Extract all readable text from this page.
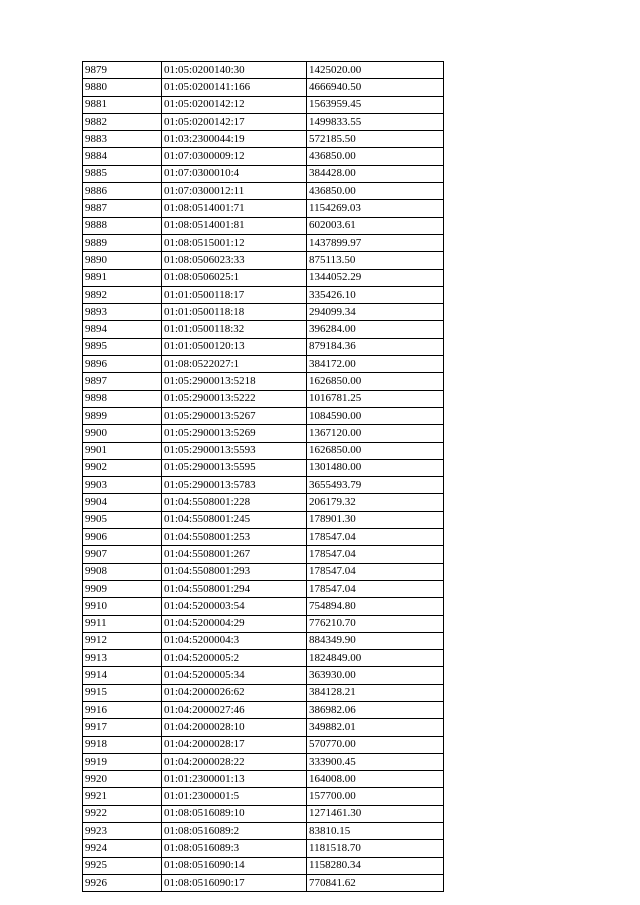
9879	01:05:0200140:30	1425020.00
9880	01:05:0200141:166	4666940.50
9881	01:05:0200142:12	1563959.45
9882	01:05:0200142:17	1499833.55
9883	01:03:2300044:19	572185.50
9884	01:07:0300009:12	436850.00
9885	01:07:0300010:4	384428.00
9886	01:07:0300012:11	436850.00
9887	01:08:0514001:71	1154269.03
9888	01:08:0514001:81	602003.61
9889	01:08:0515001:12	1437899.97
9890	01:08:0506023:33	875113.50
9891	01:08:0506025:1	1344052.29
9892	01:01:0500118:17	335426.10
9893	01:01:0500118:18	294099.34
9894	01:01:0500118:32	396284.00
9895	01:01:0500120:13	879184.36
9896	01:08:0522027:1	384172.00
9897	01:05:2900013:5218	1626850.00
9898	01:05:2900013:5222	1016781.25
9899	01:05:2900013:5267	1084590.00
9900	01:05:2900013:5269	1367120.00
9901	01:05:2900013:5593	1626850.00
9902	01:05:2900013:5595	1301480.00
9903	01:05:2900013:5783	3655493.79
9904	01:04:5508001:228	206179.32
9905	01:04:5508001:245	178901.30
9906	01:04:5508001:253	178547.04
9907	01:04:5508001:267	178547.04
9908	01:04:5508001:293	178547.04
9909	01:04:5508001:294	178547.04
9910	01:04:5200003:54	754894.80
9911	01:04:5200004:29	776210.70
9912	01:04:5200004:3	884349.90
9913	01:04:5200005:2	1824849.00
9914	01:04:5200005:34	363930.00
9915	01:04:2000026:62	384128.21
9916	01:04:2000027:46	386982.06
9917	01:04:2000028:10	349882.01
9918	01:04:2000028:17	570770.00
9919	01:04:2000028:22	333900.45
9920	01:01:2300001:13	164008.00
9921	01:01:2300001:5	157700.00
9922	01:08:0516089:10	1271461.30
9923	01:08:0516089:2	83810.15
9924	01:08:0516089:3	1181518.70
9925	01:08:0516090:14	1158280.34
9926	01:08:0516090:17	770841.62
